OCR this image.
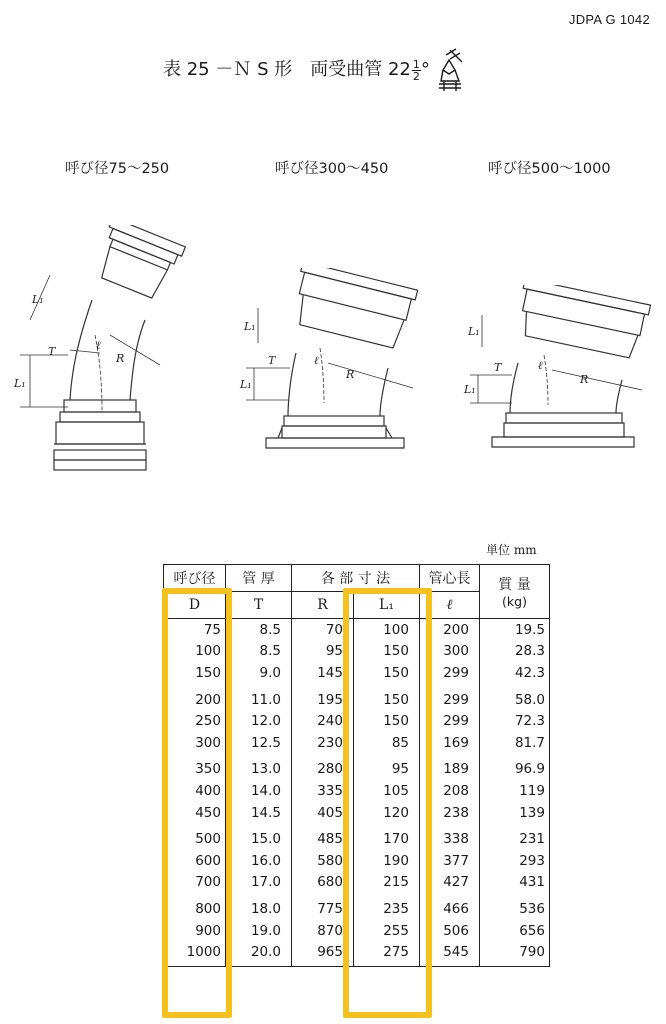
JDPA G 1042
表 25 －Ｎ S 形　両受曲管 $22 \frac{1}{2}$ °
呼び径75～250	呼び径300～450	呼び径500～1000
L₁
L₁
T
R
ℓ
L₁
L₁
T
R
ℓ
L₁
L₁
T
R
ℓ
単位 mm
呼び径	管 厚	各 部 寸 法		管心長	質 量
(kg)

D	T	R	L₁	ℓ	
75	8.5	70	100	200	19.5
100	8.5	95	150	300	28.3
150	9.0	145	150	299	42.3
200	11.0	195	150	299	58.0
250	12.0	240	150	299	72.3
300	12.5	230	85	169	81.7
350	13.0	280	95	189	96.9
400	14.0	335	105	208	119
450	14.5	405	120	238	139
500	15.0	485	170	338	231
600	16.0	580	190	377	293
700	17.0	680	215	427	431
800	18.0	775	235	466	536
900	19.0	870	255	506	656
1000	20.0	965	275	545	790
